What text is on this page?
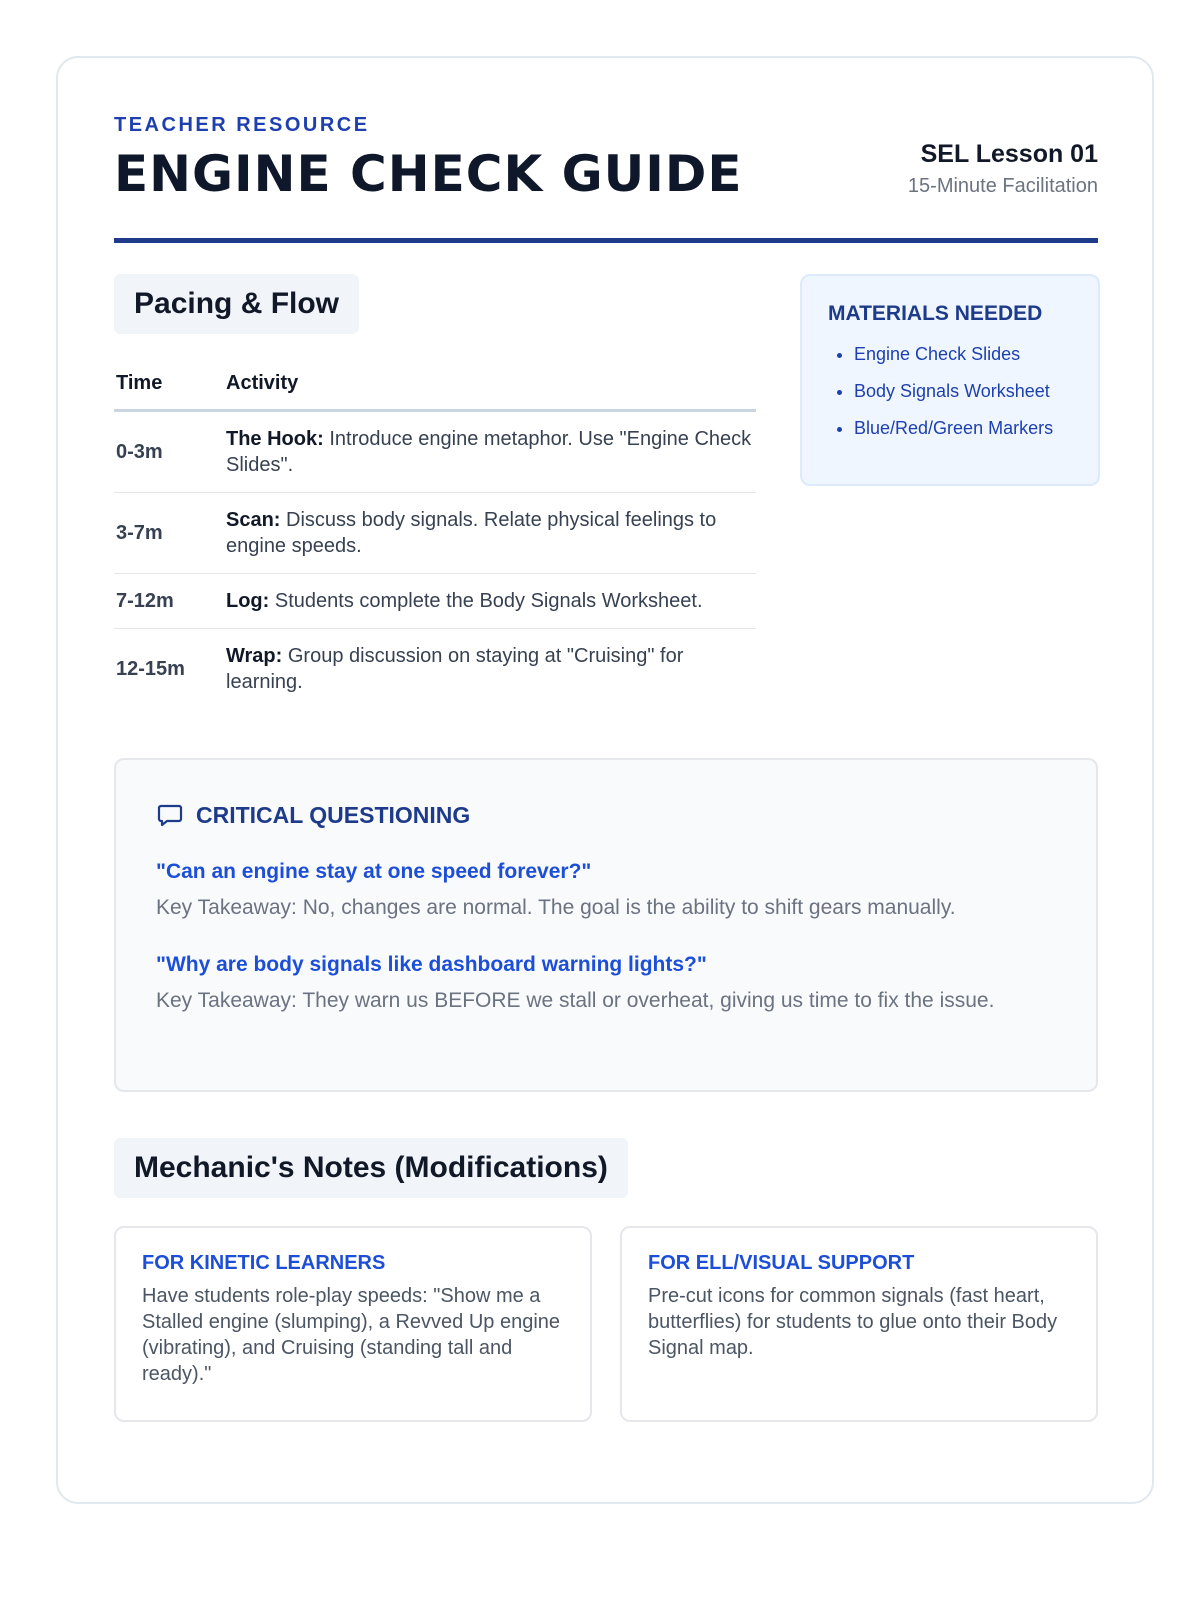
TEACHER RESOURCE
ENGINE CHECK GUIDE	SEL Lesson 01
15-Minute Facilitation
Pacing & Flow
Time	Activity
0-3m	The Hook: Introduce engine metaphor. Use "Engine Check Slides".
3-7m	Scan: Discuss body signals. Relate physical feelings to engine speeds.
7-12m	Log: Students complete the Body Signals Worksheet.
12-15m	Wrap: Group discussion on staying at "Cruising" for learning.
MATERIALS NEEDED
• Engine Check Slides
• Body Signals Worksheet
• Blue/Red/Green Markers
CRITICAL QUESTIONING
"Can an engine stay at one speed forever?"
Key Takeaway: No, changes are normal. The goal is the ability to shift gears manually.
"Why are body signals like dashboard warning lights?"
Key Takeaway: They warn us BEFORE we stall or overheat, giving us time to fix the issue.
Mechanic's Notes (Modifications)
FOR KINETIC LEARNERS
Have students role-play speeds: "Show me a Stalled engine (slumping), a Revved Up engine (vibrating), and Cruising (standing tall and ready)."
FOR ELL/VISUAL SUPPORT
Pre-cut icons for common signals (fast heart, butterflies) for students to glue onto their Body Signal map.
